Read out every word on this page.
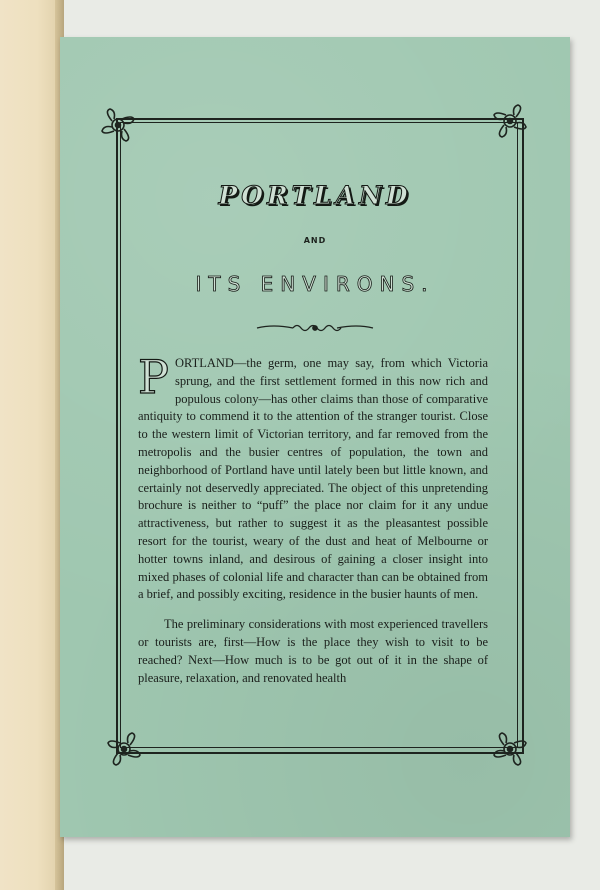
PORTLAND
AND
ITS ENVIRONS.

PORTLAND—the germ, one may say, from which Victoria sprung, and the first settlement formed in this now rich and populous colony—has other claims than those of comparative antiquity to commend it to the attention of the stranger tourist. Close to the western limit of Victorian territory, and far removed from the metropolis and the busier centres of population, the town and neighborhood of Portland have until lately been but little known, and certainly not deservedly appreciated. The object of this unpretending brochure is neither to “puff” the place nor claim for it any undue attractiveness, but rather to suggest it as the pleasantest possible resort for the tourist, weary of the dust and heat of Melbourne or hotter towns inland, and desirous of gaining a closer insight into mixed phases of colonial life and character than can be obtained from a brief, and possibly exciting, residence in the busier haunts of men.

The preliminary considerations with most experienced travellers or tourists are, first—How is the place they wish to visit to be reached? Next—How much is to be got out of it in the shape of pleasure, relaxation, and renovated health
